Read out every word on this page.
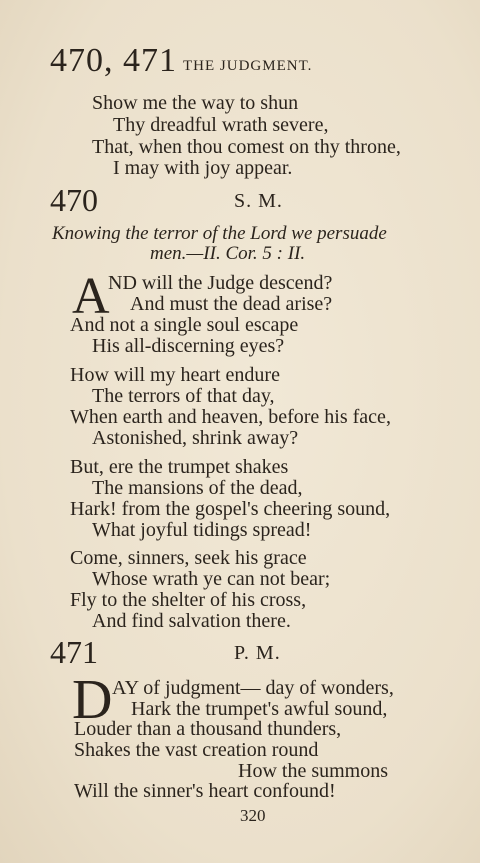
470, 471 THE JUDGMENT.
Show me the way to shun
Thy dreadful wrath severe,
That, when thou comest on thy throne,
I may with joy appear.
470	S. M.
Knowing the terror of the Lord we persuade
men.—II. Cor. 5 : II.
A
ND will the Judge descend?
And must the dead arise?
And not a single soul escape
His all-discerning eyes?
How will my heart endure
The terrors of that day,
When earth and heaven, before his face,
Astonished, shrink away?
But, ere the trumpet shakes
The mansions of the dead,
Hark! from the gospel's cheering sound,
What joyful tidings spread!
Come, sinners, seek his grace
Whose wrath ye can not bear;
Fly to the shelter of his cross,
And find salvation there.
471	P. M.
D AY of judgment— day of wonders,
Hark the trumpet's awful sound,
Louder than a thousand thunders,
Shakes the vast creation round
How the summons
Will the sinner's heart confound!
320
